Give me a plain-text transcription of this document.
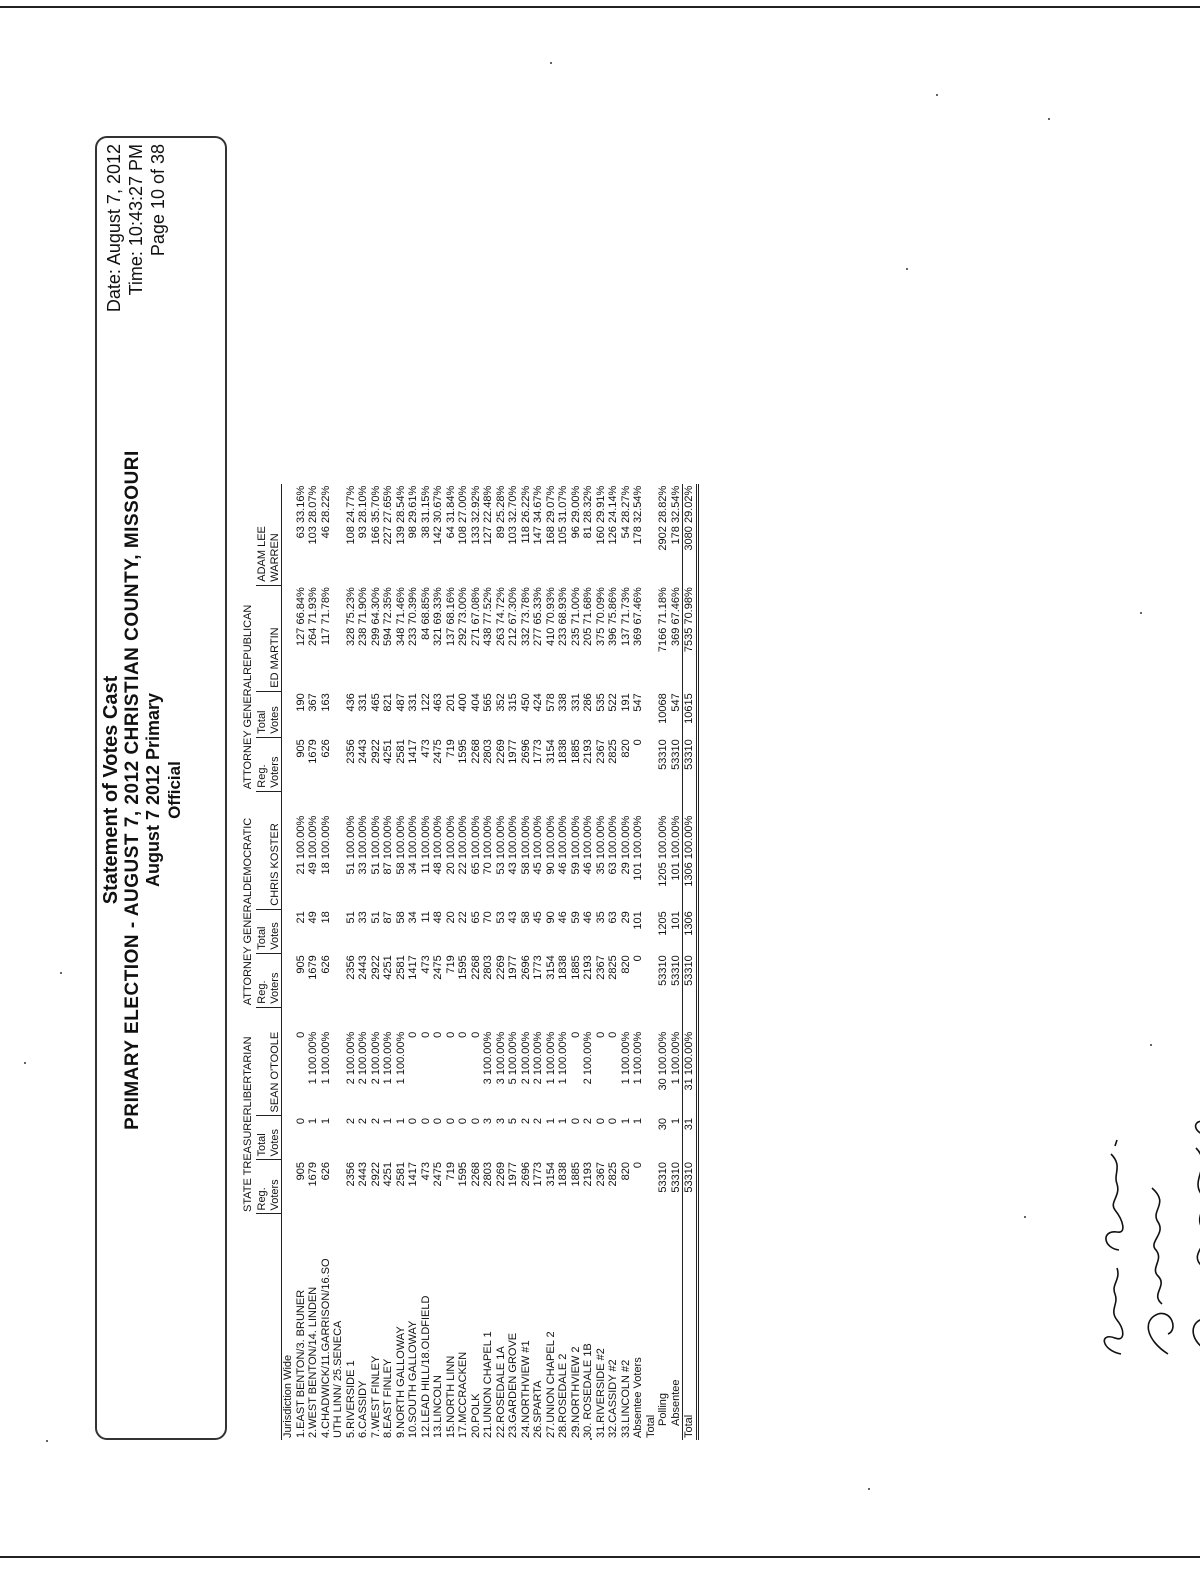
Statement of Votes Cast PRIMARY ELECTION - AUGUST 7, 2012 CHRISTIAN COUNTY, MISSOURI August 7 2012 Primary Official
Date: August 7, 2012 Time: 10:43:27 PM Page 10 of 38
	STATE TREASURERLIBERTARIAN				ATTORNEY GENERALDEMOCRATIC				ATTORNEY GENERALREPUBLICAN			
	Reg. Voters	Total Votes	SEAN O'TOOLE		Reg. Voters	Total Votes	CHRIS KOSTER		Reg. Voters	Total Votes	ED MARTIN	ADAM LEE WARREN
Jurisdiction Wide												
1.EAST BENTON/3. BRUNER	905	0	0		905	21	21 100.00%		905	190	127 66.84%	63 33.16%
2.WEST BENTON/14. LINDEN	1679	1	1 100.00%		1679	49	49 100.00%		1679	367	264 71.93%	103 28.07%
4.CHADWICK/11.GARRISON/16.SO	626	1	1 100.00%		626	18	18 100.00%		626	163	117 71.78%	46 28.22%
UTH LINN/ 25.SENECA												
5.RIVERSIDE 1	2356	2	2 100.00%		2356	51	51 100.00%		2356	436	328 75.23%	108 24.77%
6.CASSIDY	2443	2	2 100.00%		2443	33	33 100.00%		2443	331	238 71.90%	93 28.10%
7.WEST FINLEY	2922	2	2 100.00%		2922	51	51 100.00%		2922	465	299 64.30%	166 35.70%
8.EAST FINLEY	4251	1	1 100.00%		4251	87	87 100.00%		4251	821	594 72.35%	227 27.65%
9.NORTH GALLOWAY	2581	1	1 100.00%		2581	58	58 100.00%		2581	487	348 71.46%	139 28.54%
10.SOUTH GALLOWAY	1417	0	0		1417	34	34 100.00%		1417	331	233 70.39%	98 29.61%
12.LEAD HILL/18.OLDFIELD	473	0	0		473	11	11 100.00%		473	122	84 68.85%	38 31.15%
13.LINCOLN	2475	0	0		2475	48	48 100.00%		2475	463	321 69.33%	142 30.67%
15.NORTH LINN	719	0	0		719	20	20 100.00%		719	201	137 68.16%	64 31.84%
17.MCCRACKEN	1595	0	0		1595	22	22 100.00%		1595	400	292 73.00%	108 27.00%
20.POLK	2268	0	0		2268	65	65 100.00%		2268	404	271 67.08%	133 32.92%
21.UNION CHAPEL 1	2803	3	3 100.00%		2803	70	70 100.00%		2803	565	438 77.52%	127 22.48%
22.ROSEDALE 1A	2269	3	3 100.00%		2269	53	53 100.00%		2269	352	263 74.72%	89 25.28%
23.GARDEN GROVE	1977	5	5 100.00%		1977	43	43 100.00%		1977	315	212 67.30%	103 32.70%
24.NORTHVIEW #1	2696	2	2 100.00%		2696	58	58 100.00%		2696	450	332 73.78%	118 26.22%
26.SPARTA	1773	2	2 100.00%		1773	45	45 100.00%		1773	424	277 65.33%	147 34.67%
27.UNION CHAPEL 2	3154	1	1 100.00%		3154	90	90 100.00%		3154	578	410 70.93%	168 29.07%
28.ROSEDALE 2	1838	1	1 100.00%		1838	46	46 100.00%		1838	338	233 68.93%	105 31.07%
29.NORTHVIEW 2	1885	0	0		1885	59	59 100.00%		1885	331	235 71.00%	96 29.00%
30. ROSEDALE 1B	2193	2	2 100.00%		2193	46	46 100.00%		2193	286	205 71.68%	81 28.32%
31.RIVERSIDE #2	2367	0	0		2367	35	35 100.00%		2367	535	375 70.09%	160 29.91%
32.CASSIDY #2	2825	0	0		2825	63	63 100.00%		2825	522	396 75.86%	126 24.14%
33.LINCOLN #2	820	1	1 100.00%		820	29	29 100.00%		820	191	137 71.73%	54 28.27%
Absentee Voters	0	1	1 100.00%		0	101	101 100.00%		0	547	369 67.46%	178 32.54%
Total												
Polling	53310	30	30 100.00%		53310	1205	1205 100.00%		53310	10068	7166 71.18%	2902 28.82%
Absentee	53310	1	1 100.00%		53310	101	101 100.00%		53310	547	369 67.46%	178 32.54%
Total	53310	31	31 100.00%		53310	1306	1306 100.00%		53310	10615	7535 70.98%	3080 29.02%
